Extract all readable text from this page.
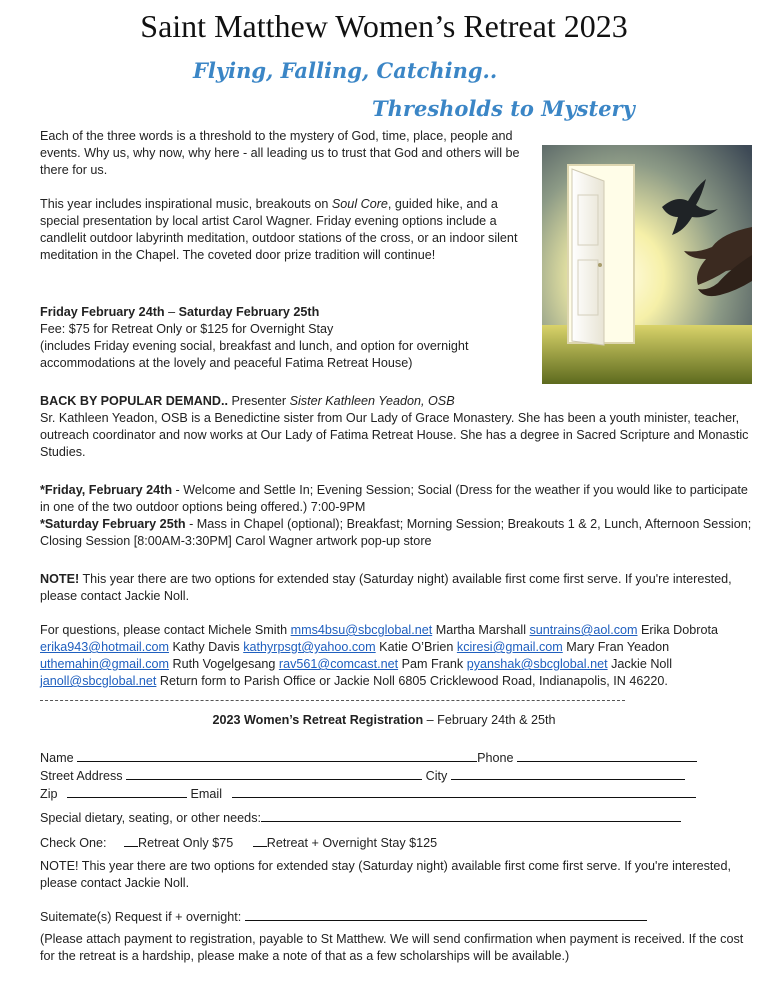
Saint Matthew Women’s Retreat 2023
Flying, Falling, Catching..
Thresholds to Mystery
Each of the three words is a threshold to the mystery of God, time, place, people and events. Why us, why now, why here - all leading us to trust that God and others will be there for us.
This year includes inspirational music, breakouts on Soul Core, guided hike, and a special presentation by local artist Carol Wagner. Friday evening options include a candlelit outdoor labyrinth meditation, outdoor stations of the cross, or an indoor silent meditation in the Chapel. The coveted door prize tradition will continue!
Friday February 24th – Saturday February 25th
Fee: $75 for Retreat Only or $125 for Overnight Stay
(includes Friday evening social, breakfast and lunch, and option for overnight accommodations at the lovely and peaceful Fatima Retreat House)
BACK BY POPULAR DEMAND.. Presenter Sister Kathleen Yeadon, OSB
Sr. Kathleen Yeadon, OSB is a Benedictine sister from Our Lady of Grace Monastery. She has been a youth minister, teacher, outreach coordinator and now works at Our Lady of Fatima Retreat House. She has a degree in Sacred Scripture and Monastic Studies.
*Friday, February 24th - Welcome and Settle In; Evening Session; Social (Dress for the weather if you would like to participate in one of the two outdoor options being offered.) 7:00-9PM
*Saturday February 25th - Mass in Chapel (optional); Breakfast; Morning Session; Breakouts 1 & 2, Lunch, Afternoon Session; Closing Session [8:00AM-3:30PM] Carol Wagner artwork pop-up store
NOTE! This year there are two options for extended stay (Saturday night) available first come first serve. If you're interested, please contact Jackie Noll.
For questions, please contact Michele Smith mms4bsu@sbcglobal.net Martha Marshall suntrains@aol.com Erika Dobrota erika943@hotmail.com Kathy Davis kathyrpsgt@yahoo.com Katie O’Brien kciresi@gmail.com Mary Fran Yeadon uthemahin@gmail.com Ruth Vogelgesang rav561@comcast.net Pam Frank pyanshak@sbcglobal.net Jackie Noll janoll@sbcglobal.net Return form to Parish Office or Jackie Noll 6805 Cricklewood Road, Indianapolis, IN 46220.
2023 Women’s Retreat Registration – February 24th & 25th
Name	Phone
Street Address	City
Zip	Email
Special dietary, seating, or other needs:
Check One:	Retreat Only $75	Retreat + Overnight Stay $125
NOTE! This year there are two options for extended stay (Saturday night) available first come first serve. If you're interested, please contact Jackie Noll.
Suitemate(s) Request if + overnight:
(Please attach payment to registration, payable to St Matthew. We will send confirmation when payment is received. If the cost for the retreat is a hardship, please make a note of that as a few scholarships will be available.)
